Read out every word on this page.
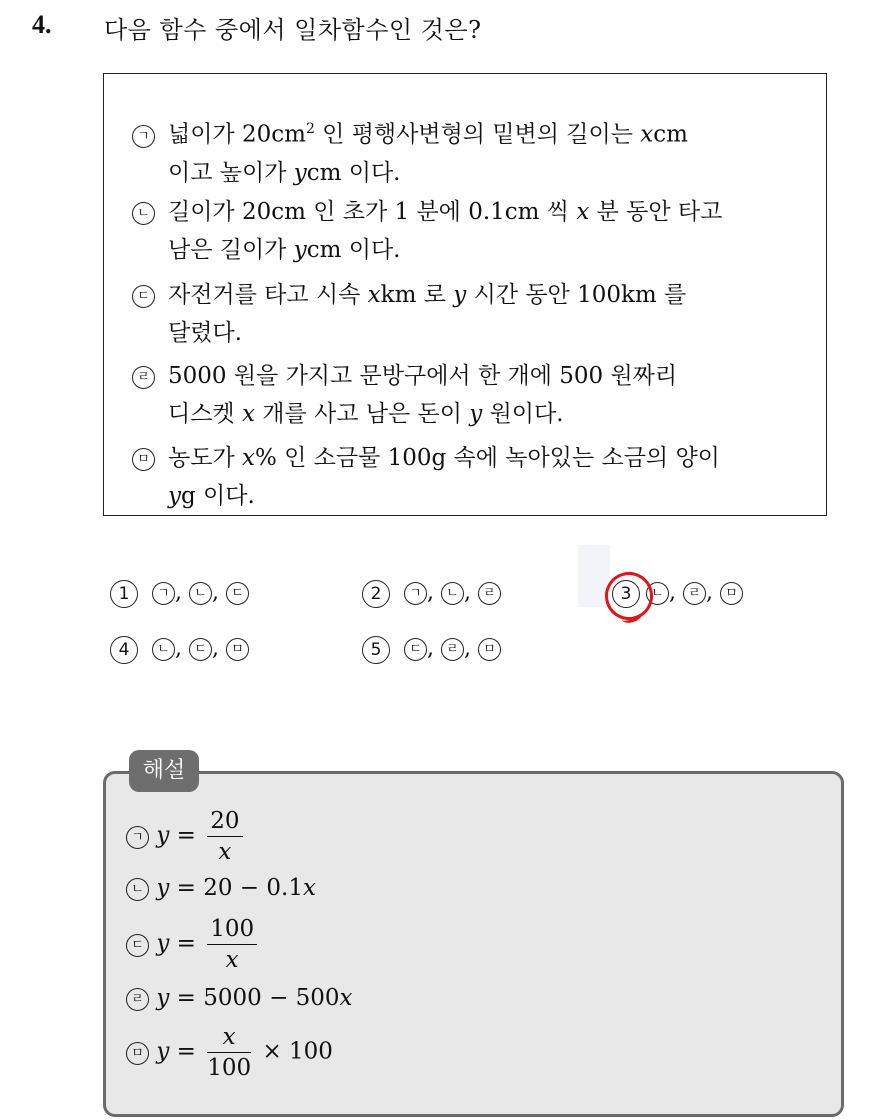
4. 다음 함수 중에서 일차함수인 것은?
ㄱ 넓이가 $20cm^2$ 인 평행사변형의 밑변의 길이는 xcm
이고 높이가 ycm 이다.
ㄴ 길이가 20cm 인 초가 1 분에 0.1cm 씩 x 분 동안 타고
남은 길이가 ycm 이다.
ㄷ 자전거를 타고 시속 xkm 로 y 시간 동안 100km 를
달렸다.
ㄹ 5000 원을 가지고 문방구에서 한 개에 500 원짜리
디스켓 x 개를 사고 남은 돈이 y 원이다.
ㅁ 농도가 x% 인 소금물 100g 속에 녹아있는 소금의 양이
yg 이다.
1 ㄱ , ㄴ , ㄷ	2 ㄱ , ㄴ , ㄹ	3 ㄴ , ㄹ , ㅁ
4 ㄴ , ㄷ , ㅁ	5 ㄷ , ㄹ , ㅁ
해설
ㄱ $y = \frac{20}{x}$
ㄴ y = 20 − 0.1x
ㄷ $y = \frac{100}{x}$
ㄹ y = 5000 − 500x
ㅁ $y = \frac{x}{100} \times 100$
